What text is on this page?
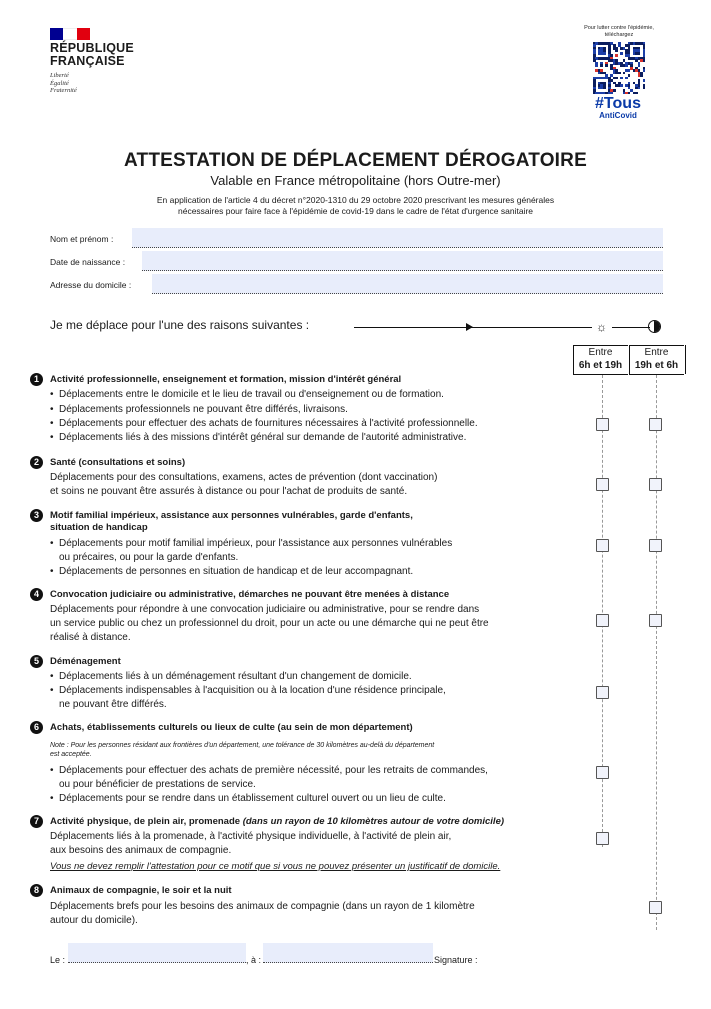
RÉPUBLIQUE
FRANÇAISE
Liberté
Égalité
Fraternité
Pour lutter contre l'épidémie, téléchargez
#Tous
AntiCovid
ATTESTATION DE DÉPLACEMENT DÉROGATOIRE
Valable en France métropolitaine (hors Outre-mer)
En application de l'article 4 du décret n°2020-1310 du 29 octobre 2020 prescrivant les mesures générales
nécessaires pour faire face à l'épidémie de covid-19 dans le cadre de l'état d'urgence sanitaire
Nom et prénom :
Date de naissance :
Adresse du domicile :
Je me déplace pour l'une des raisons suivantes :	☼
Entre
6h et 19h
Entre
19h et 6h
1	Activité professionnelle, enseignement et formation, mission d'intérêt général
• Déplacements entre le domicile et le lieu de travail ou d'enseignement ou de formation.
• Déplacements professionnels ne pouvant être différés, livraisons.
• Déplacements pour effectuer des achats de fournitures nécessaires à l'activité professionnelle.
• Déplacements liés à des missions d'intérêt général sur demande de l'autorité administrative.
2	Santé (consultations et soins)
Déplacements pour des consultations, examens, actes de prévention (dont vaccination)
et soins ne pouvant être assurés à distance ou pour l'achat de produits de santé.
3	Motif familial impérieux, assistance aux personnes vulnérables, garde d'enfants,
situation de handicap
• Déplacements pour motif familial impérieux, pour l'assistance aux personnes vulnérables
ou précaires, ou pour la garde d'enfants.
• Déplacements de personnes en situation de handicap et de leur accompagnant.
4	Convocation judiciaire ou administrative, démarches ne pouvant être menées à distance
Déplacements pour répondre à une convocation judiciaire ou administrative, pour se rendre dans
un service public ou chez un professionnel du droit, pour un acte ou une démarche qui ne peut être
réalisé à distance.
5	Déménagement
• Déplacements liés à un déménagement résultant d'un changement de domicile.
• Déplacements indispensables à l'acquisition ou à la location d'une résidence principale,
ne pouvant être différés.
6	Achats, établissements culturels ou lieux de culte (au sein de mon département)
Note : Pour les personnes résidant aux frontières d'un département, une tolérance de 30 kilomètres au-delà du département
est acceptée.
• Déplacements pour effectuer des achats de première nécessité, pour les retraits de commandes,
ou pour bénéficier de prestations de service.
• Déplacements pour se rendre dans un établissement culturel ouvert ou un lieu de culte.
7	Activité physique, de plein air, promenade (dans un rayon de 10 kilomètres autour de votre domicile)
Déplacements liés à la promenade, à l'activité physique individuelle, à l'activité de plein air,
aux besoins des animaux de compagnie.
Vous ne devez remplir l'attestation pour ce motif que si vous ne pouvez présenter un justificatif de domicile.
8	Animaux de compagnie, le soir et la nuit
Déplacements brefs pour les besoins des animaux de compagnie (dans un rayon de 1 kilomètre
autour du domicile).
Le :	, à :	Signature :
